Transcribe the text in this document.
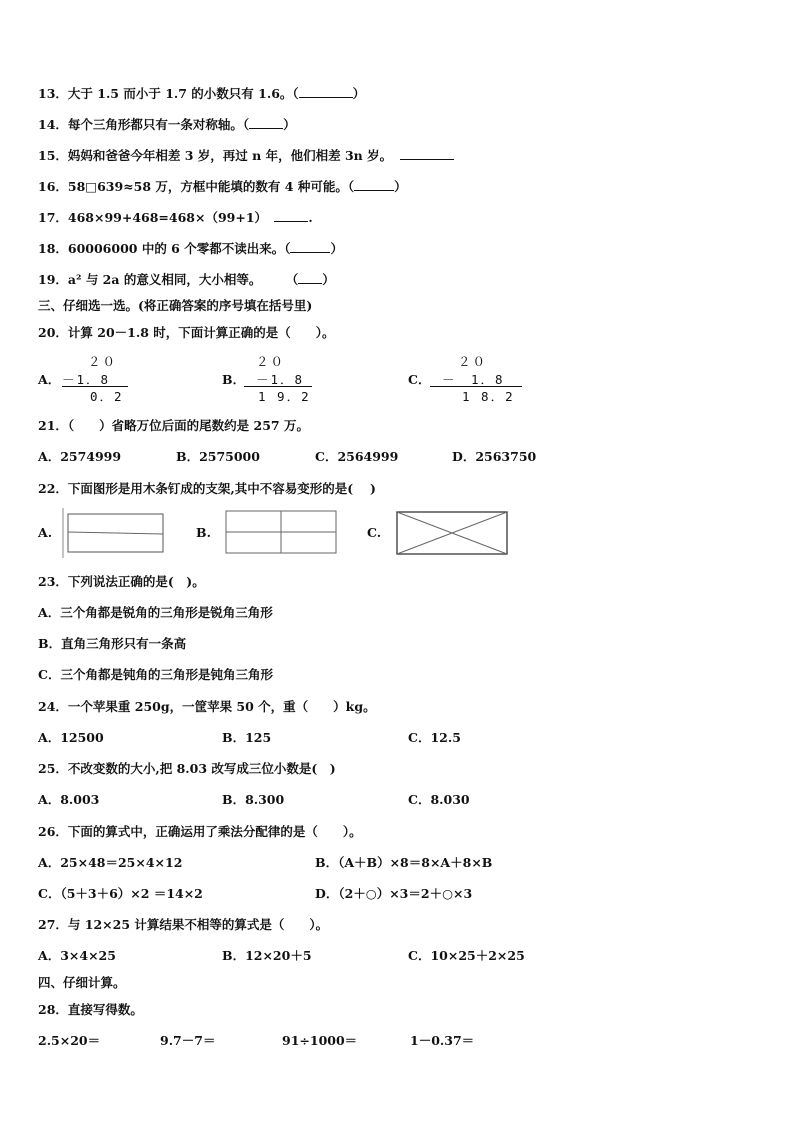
13．大于 1.5 而小于 1.7 的小数只有 1.6。（	）
14．每个三角形都只有一条对称轴。（	）
15．妈妈和爸爸今年相差 3 岁，再过 n 年，他们相差 3n 岁。
16．58□639≈58 万，方框中能填的数有 4 种可能。（	）
17．468×99+468=468×（99+1）	.
18．60006000 中的 6 个零都不读出来。（	）
19．a² 与 2a 的意义相同，大小相等。 （ ）
三、仔细选一选。(将正确答案的序号填在括号里)
20．计算 20－1.8 时，下面计算正确的是（　　）。
A．
２０
－1．8
0．2
B．
２０
－1．8
1 9．2
C．
２０
－　1．8
1 8．2
21．（　　）省略万位后面的尾数约是 257 万。
A．2574999	B．2575000	C．2564999	D．2563750
22．下面图形是用木条钉成的支架,其中不容易变形的是(　 )
A.	B.	C.
23．下列说法正确的是(　)。
A．三个角都是锐角的三角形是锐角三角形
B．直角三角形只有一条高
C．三个角都是钝角的三角形是钝角三角形
24．一个苹果重 250g，一筐苹果 50 个，重（　　）kg。
A．12500	B．125	C．12.5
25．不改变数的大小,把 8.03 改写成三位小数是(　)
A．8.003	B．8.300	C．8.030
26．下面的算式中，正确运用了乘法分配律的是（　　）。
A．25×48＝25×4×12	B．（A＋B）×8＝8×A＋8×B
C．（5＋3＋6）×2 ＝14×2	D．（2＋○）×3＝2＋○×3
27．与 12×25 计算结果不相等的算式是（　　）。
A．3×4×25	B．12×20＋5	C．10×25＋2×25
四、仔细计算。
28．直接写得数。
2.5×20＝	9.7－7＝	91÷1000＝	1－0.37＝
